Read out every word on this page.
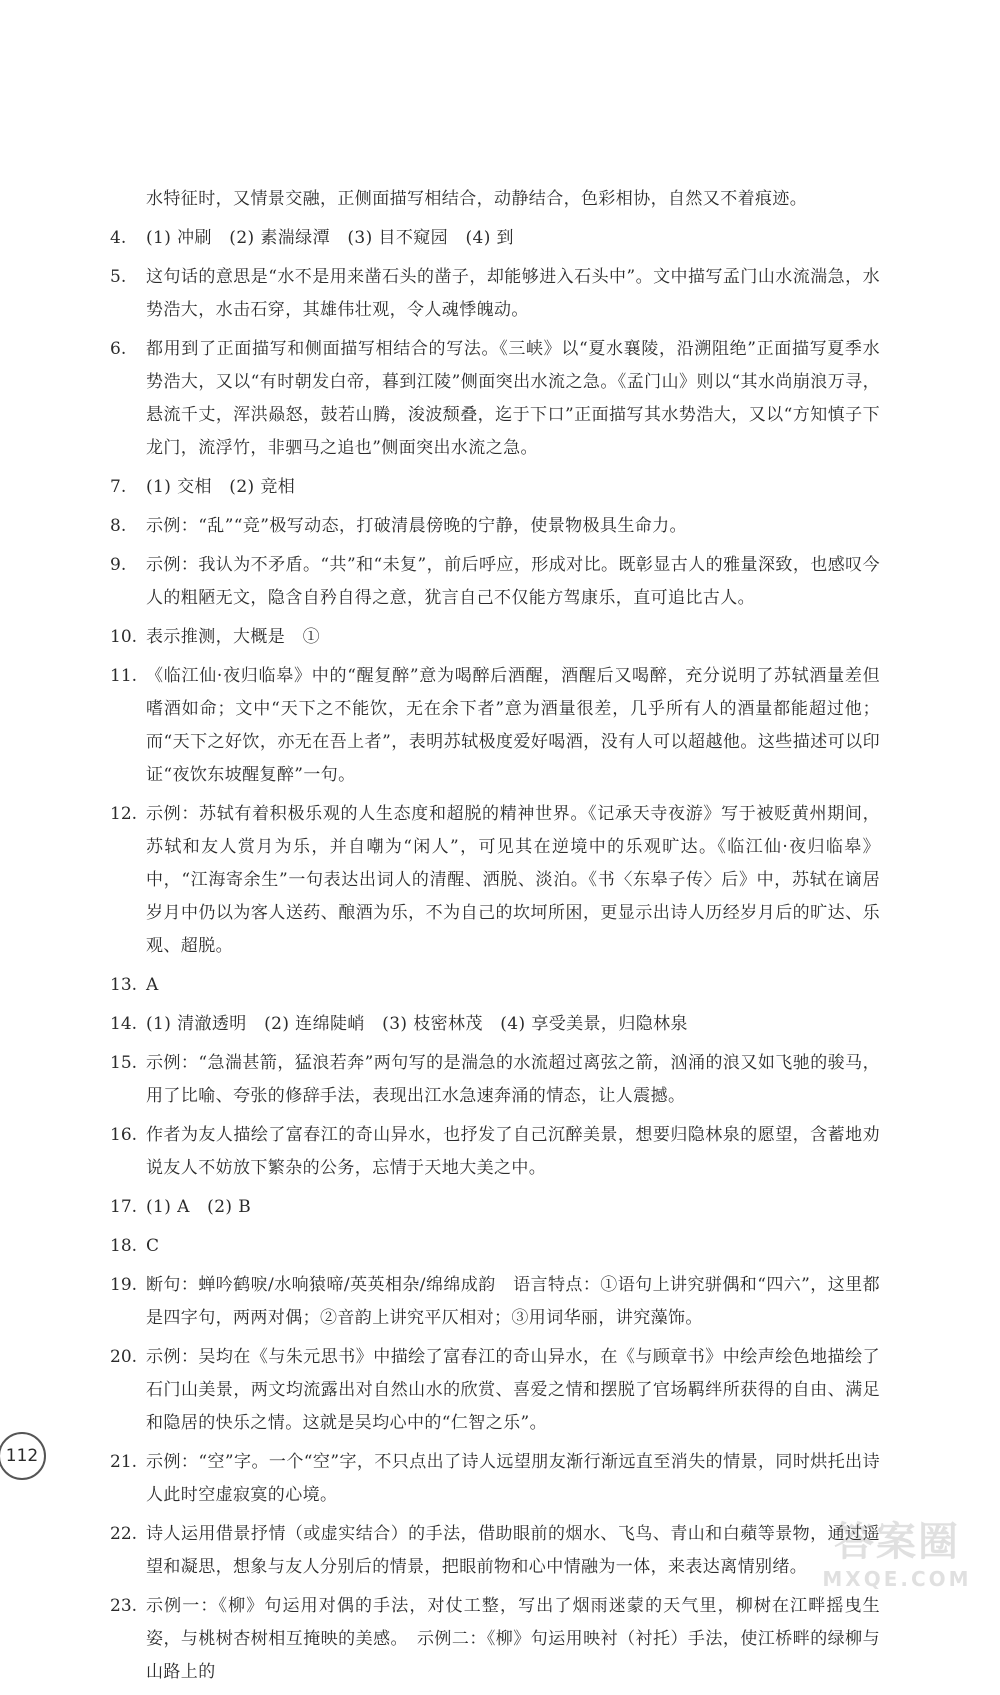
水特征时，又情景交融，正侧面描写相结合，动静结合，色彩相协，自然又不着痕迹。
4. (1) 冲刷　(2) 素湍绿潭　(3) 目不窥园　(4) 到
5. 这句话的意思是“水不是用来凿石头的凿子，却能够进入石头中”。文中描写孟门山水流湍急，水势浩大，水击石穿，其雄伟壮观，令人魂悸魄动。
6. 都用到了正面描写和侧面描写相结合的写法。《三峡》以“夏水襄陵，沿溯阻绝”正面描写夏季水势浩大，又以“有时朝发白帝，暮到江陵”侧面突出水流之急。《孟门山》则以“其水尚崩浪万寻，悬流千丈，浑洪赑怒，鼓若山腾，浚波颓叠，迄于下口”正面描写其水势浩大，又以“方知慎子下龙门，流浮竹，非驷马之追也”侧面突出水流之急。
7. (1) 交相　(2) 竞相
8. 示例：“乱”“竞”极写动态，打破清晨傍晚的宁静，使景物极具生命力。
9. 示例：我认为不矛盾。“共”和“未复”，前后呼应，形成对比。既彰显古人的雅量深致，也感叹今人的粗陋无文，隐含自矜自得之意，犹言自己不仅能方驾康乐，直可追比古人。
10. 表示推测，大概是　①
11. 《临江仙·夜归临皋》中的“醒复醉”意为喝醉后酒醒，酒醒后又喝醉，充分说明了苏轼酒量差但嗜酒如命；文中“天下之不能饮，无在余下者”意为酒量很差，几乎所有人的酒量都能超过他；而“天下之好饮，亦无在吾上者”，表明苏轼极度爱好喝酒，没有人可以超越他。这些描述可以印证“夜饮东坡醒复醉”一句。
12. 示例：苏轼有着积极乐观的人生态度和超脱的精神世界。《记承天寺夜游》写于被贬黄州期间，苏轼和友人赏月为乐，并自嘲为“闲人”，可见其在逆境中的乐观旷达。《临江仙·夜归临皋》中，“江海寄余生”一句表达出词人的清醒、洒脱、淡泊。《书〈东皋子传〉后》中，苏轼在谪居岁月中仍以为客人送药、酿酒为乐，不为自己的坎坷所困，更显示出诗人历经岁月后的旷达、乐观、超脱。
13. A
14. (1) 清澈透明　(2) 连绵陡峭　(3) 枝密林茂　(4) 享受美景，归隐林泉
15. 示例：“急湍甚箭，猛浪若奔”两句写的是湍急的水流超过离弦之箭，汹涌的浪又如飞驰的骏马，用了比喻、夸张的修辞手法，表现出江水急速奔涌的情态，让人震撼。
16. 作者为友人描绘了富春江的奇山异水，也抒发了自己沉醉美景，想要归隐林泉的愿望，含蓄地劝说友人不妨放下繁杂的公务，忘情于天地大美之中。
17. (1) A　(2) B
18. C
19. 断句：蝉吟鹤唳/水响猿啼/英英相杂/绵绵成韵　语言特点：①语句上讲究骈偶和“四六”，这里都是四字句，两两对偶；②音韵上讲究平仄相对；③用词华丽，讲究藻饰。
20. 示例：吴均在《与朱元思书》中描绘了富春江的奇山异水，在《与顾章书》中绘声绘色地描绘了石门山美景，两文均流露出对自然山水的欣赏、喜爱之情和摆脱了官场羁绊所获得的自由、满足和隐居的快乐之情。这就是吴均心中的“仁智之乐”。
21. 示例：“空”字。一个“空”字，不只点出了诗人远望朋友渐行渐远直至消失的情景，同时烘托出诗人此时空虚寂寞的心境。
22. 诗人运用借景抒情（或虚实结合）的手法，借助眼前的烟水、飞鸟、青山和白蘋等景物，通过遥望和凝思，想象与友人分别后的情景，把眼前物和心中情融为一体，来表达离情别绪。
23. 示例一：《柳》句运用对偶的手法，对仗工整，写出了烟雨迷蒙的天气里，柳树在江畔摇曳生姿，与桃树杏树相互掩映的美感。　示例二：《柳》句运用映衬（衬托）手法，使江桥畔的绿柳与山路上的
112
答案圈
MXQE.COM
